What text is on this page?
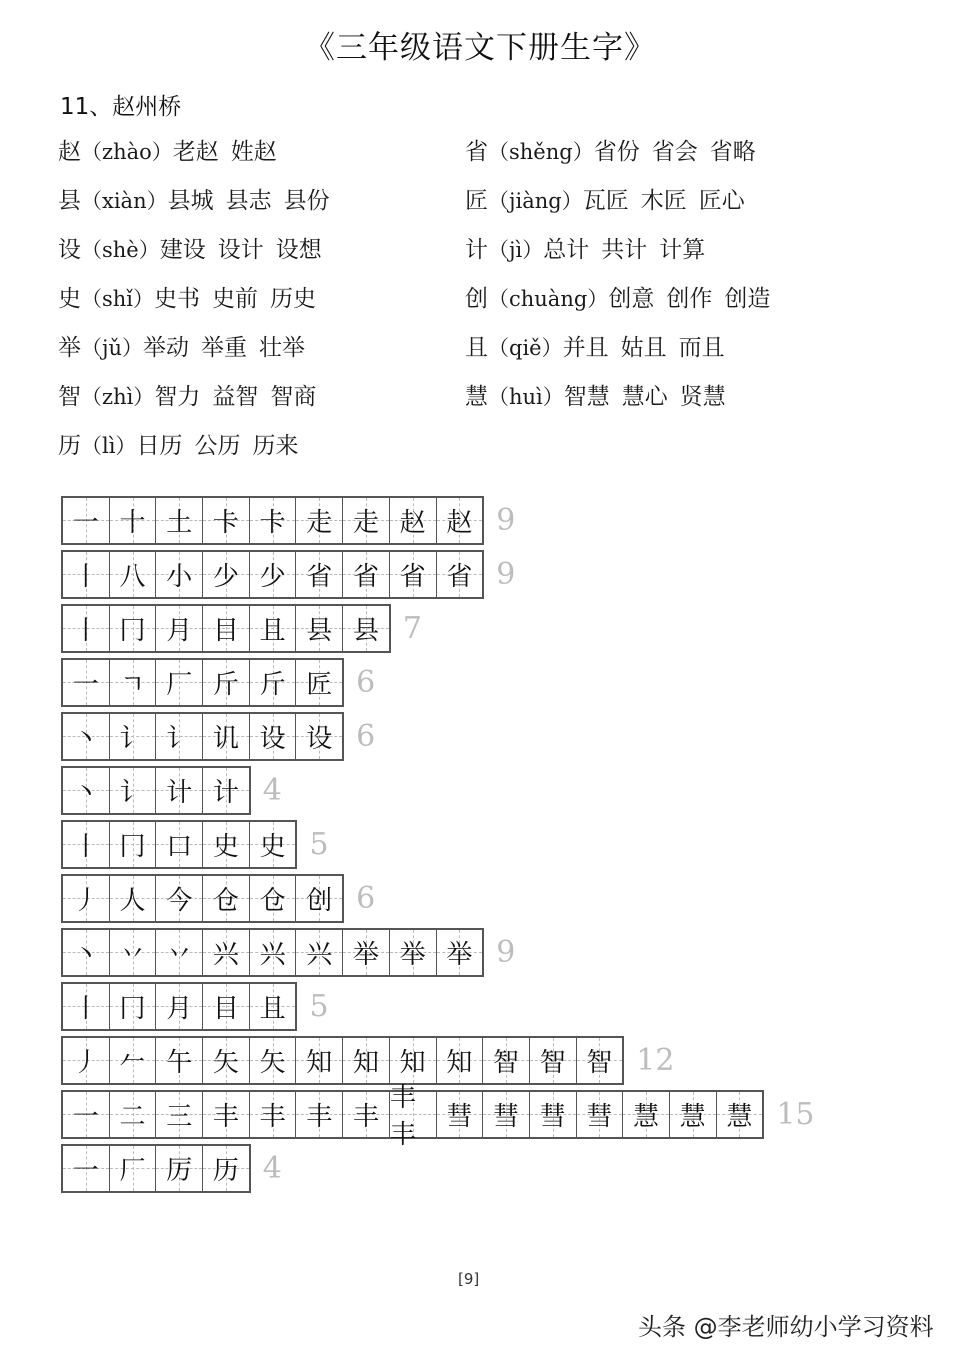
《三年级语文下册生字》
11、赵州桥
赵（zhào）老赵 姓赵
县（xiàn）县城 县志 县份
设（shè）建设 设计 设想
史（shǐ）史书 史前 历史
举（jǔ）举动 举重 壮举
智（zhì）智力 益智 智商
历（lì）日历 公历 历来
省（shěng）省份 省会 省略
匠（jiàng）瓦匠 木匠 匠心
计（jì）总计 共计 计算
创（chuàng）创意 创作 创造
且（qiě）并且 姑且 而且
慧（huì）智慧 慧心 贤慧
一 十 土 卡 卡 走 走 赵 赵 9
丨 八 小 少 少 省 省 省 省 9
丨 冂 月 目 且 县 县 7
一 ㄱ 厂 斤 斤 匠 6
丶 讠 讠 讥 设 设 6
丶 讠 计 计 4
丨 冂 口 史 史 5
丿 人 今 仓 仓 创 6
丶 丷 丷 兴 兴 兴 举 举 举 9
丨 冂 月 目 且 5
丿 𠂉 午 矢 矢 知 知 知 知 智 智 智 12
一 二 三 丰 丰 丰 丰
丰丰
彗 彗 彗 彗 慧 慧 慧 15
一 厂 厉 历 4
[9]
头条 @李老师幼小学习资料
